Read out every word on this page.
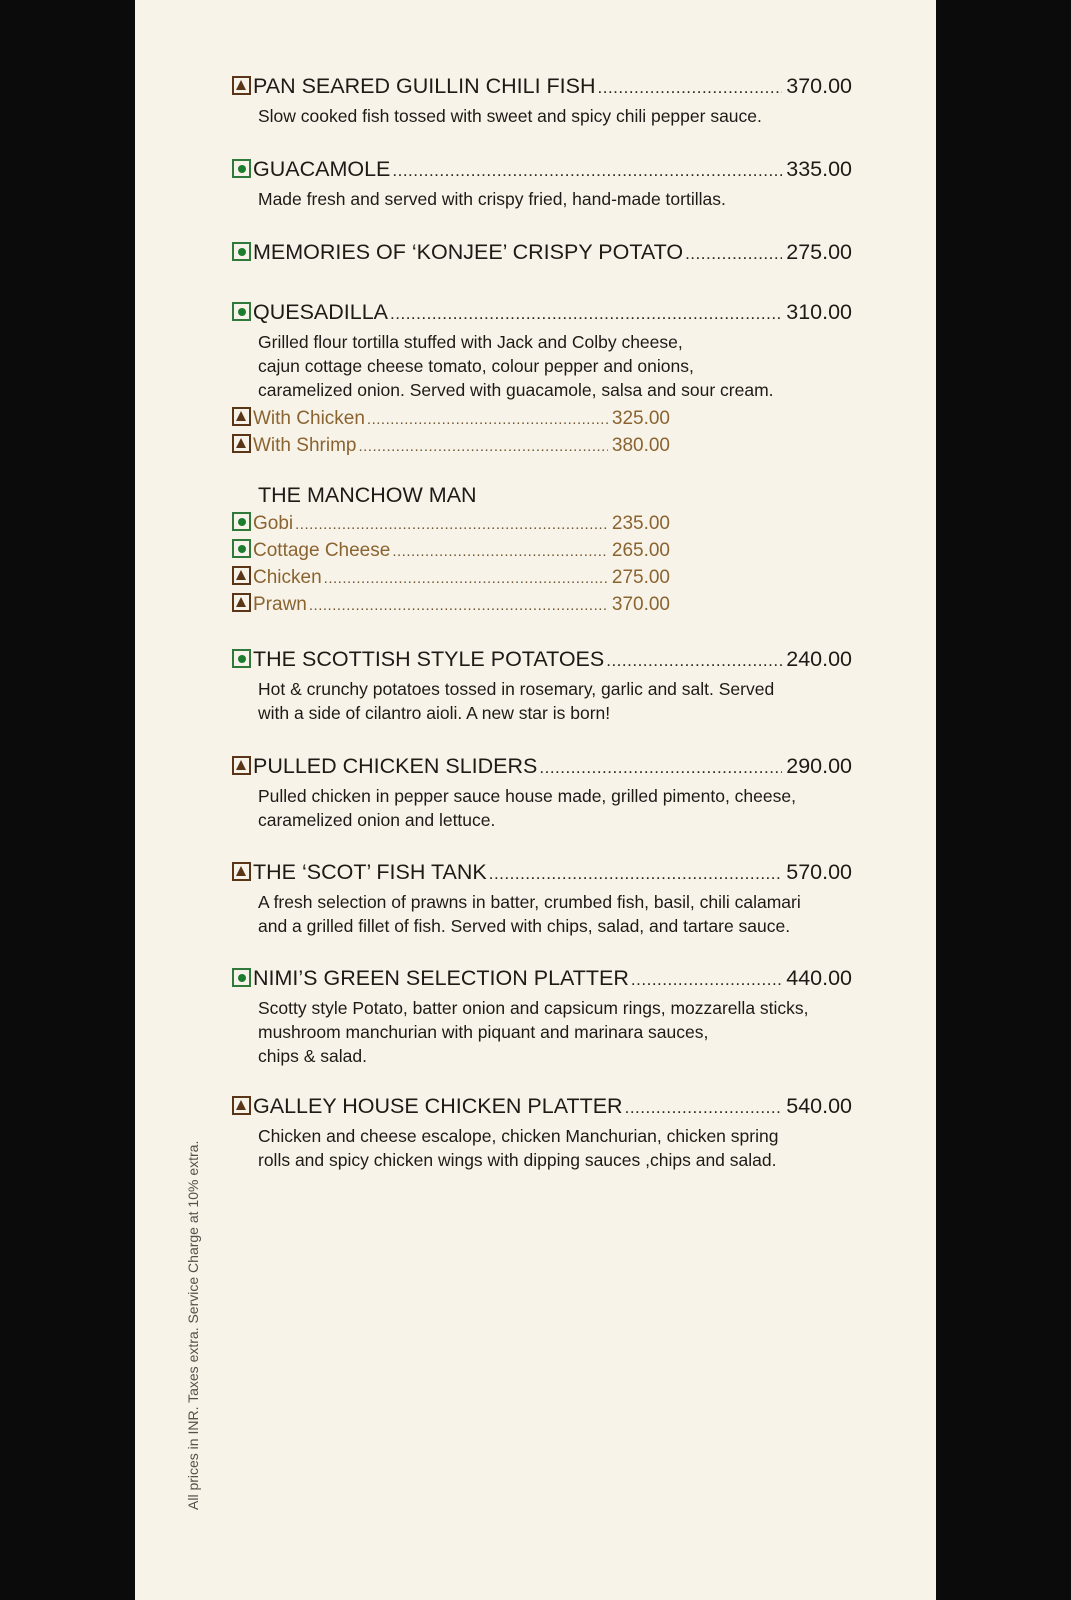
PAN SEARED GUILLIN CHILI FISH .....	370.00
Slow cooked fish tossed with sweet and spicy chili pepper sauce.
GUACAMOLE .....	335.00
Made fresh and served with crispy fried, hand-made tortillas.
MEMORIES OF ‘KONJEE’ CRISPY POTATO .....	275.00
QUESADILLA .....	310.00
Grilled flour tortilla stuffed with Jack and Colby cheese,
cajun cottage cheese tomato, colour pepper and onions,
caramelized onion. Served with guacamole, salsa and sour cream.
With Chicken .....	325.00
With Shrimp .....	380.00
THE MANCHOW MAN
Gobi .....	235.00
Cottage Cheese .....	265.00
Chicken .....	275.00
Prawn .....	370.00
THE SCOTTISH STYLE POTATOES .....	240.00
Hot & crunchy potatoes tossed in rosemary, garlic and salt. Served
with a side of cilantro aioli. A new star is born!
PULLED CHICKEN SLIDERS .....	290.00
Pulled chicken in pepper sauce house made, grilled pimento, cheese,
caramelized onion and lettuce.
THE ‘SCOT’ FISH TANK .....	570.00
A fresh selection of prawns in batter, crumbed fish, basil, chili calamari
and a grilled fillet of fish. Served with chips, salad, and tartare sauce.
NIMI’S GREEN SELECTION PLATTER .....	440.00
Scotty style Potato, batter onion and capsicum rings, mozzarella sticks,
mushroom manchurian with piquant and marinara sauces,
chips & salad.
GALLEY HOUSE CHICKEN PLATTER .....	540.00
Chicken and cheese escalope, chicken Manchurian, chicken spring
rolls and spicy chicken wings with dipping sauces ,chips and salad.
All prices in INR. Taxes extra. Service Charge at 10% extra.
